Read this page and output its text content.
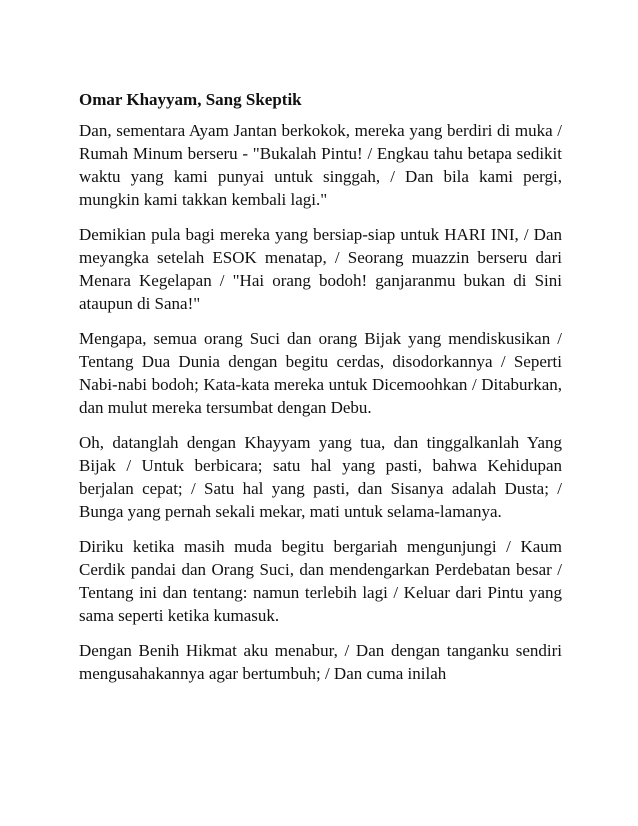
Omar Khayyam, Sang Skeptik

Dan, sementara Ayam Jantan berkokok, mereka yang berdiri di muka / Rumah Minum berseru - "Bukalah Pintu! / Engkau tahu betapa sedikit waktu yang kami punyai untuk singgah, / Dan bila kami pergi, mungkin kami takkan kembali lagi."

Demikian pula bagi mereka yang bersiap-siap untuk HARI INI, / Dan meyangka setelah ESOK menatap, / Seorang muazzin berseru dari Menara Kegelapan / "Hai orang bodoh! ganjaranmu bukan di Sini ataupun di Sana!"

Mengapa, semua orang Suci dan orang Bijak yang mendiskusikan / Tentang Dua Dunia dengan begitu cerdas, disodorkannya / Seperti Nabi-nabi bodoh; Kata-kata mereka untuk Dicemoohkan / Ditaburkan, dan mulut mereka tersumbat dengan Debu.

Oh, datanglah dengan Khayyam yang tua, dan tinggalkanlah Yang Bijak / Untuk berbicara; satu hal yang pasti, bahwa Kehidupan berjalan cepat; / Satu hal yang pasti, dan Sisanya adalah Dusta; / Bunga yang pernah sekali mekar, mati untuk selama-lamanya.

Diriku ketika masih muda begitu bergariah mengunjungi / Kaum Cerdik pandai dan Orang Suci, dan mendengarkan Perdebatan besar / Tentang ini dan tentang: namun terlebih lagi / Keluar dari Pintu yang sama seperti ketika kumasuk.

Dengan Benih Hikmat aku menabur, / Dan dengan tanganku sendiri mengusahakannya agar bertumbuh; / Dan cuma inilah
